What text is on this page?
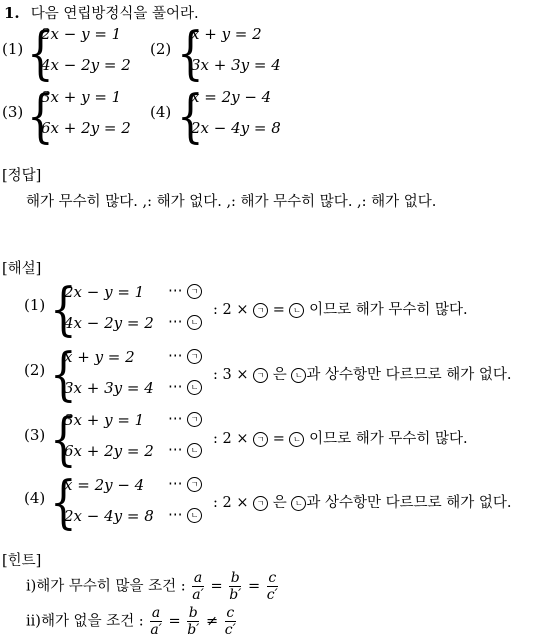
1. 다음 연립방정식을 풀어라.
(1) {
2x − y = 1
4x − 2y = 2
(2) {
x + y = 2
3x + 3y = 4
(3) {
3x + y = 1
6x + 2y = 2
(4) {
x = 2y − 4
2x − 4y = 8
[정답]
해가 무수히 많다. ,: 해가 없다. ,: 해가 무수히 많다. ,: 해가 없다.
[해설]
(1) {
2x − y = 1
4x − 2y = 2
⋯ ㄱ
⋯ ㄴ
: 2 × ㄱ = ㄴ 이므로 해가 무수히 많다.
(2) {
x + y = 2
3x + 3y = 4
⋯ ㄱ
⋯ ㄴ
: 3 × ㄱ 은 ㄴ 과 상수항만 다르므로 해가 없다.
(3) {
3x + y = 1
6x + 2y = 2
⋯ ㄱ
⋯ ㄴ
: 2 × ㄱ = ㄴ 이므로 해가 무수히 많다.
(4) {
x = 2y − 4
2x − 4y = 8
⋯ ㄱ
⋯ ㄴ
: 2 × ㄱ 은 ㄴ 과 상수항만 다르므로 해가 없다.
[힌트]
ⅰ)해가 무수히 많을 조건 : $\frac{a}{a'} = \frac{b}{b'} = \frac{c}{c'}$
ⅱ)해가 없을 조건 : $\frac{a}{a'} = \frac{b}{b'} \ne \frac{c}{c'}$
